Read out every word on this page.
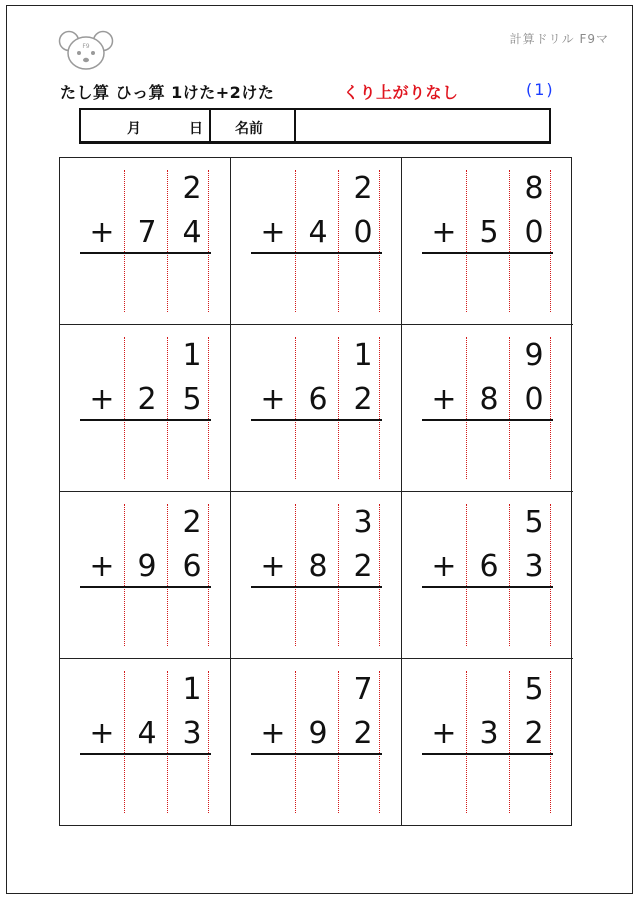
F9
計算ドリル F9マ
たし算 ひっ算 1けた+2けた	くり上がりなし	(1)
月	日 名前
2
+ 7 4
2
+ 4 0
8
+ 5 0
1
+ 2 5
1
+ 6 2
9
+ 8 0
2
+ 9 6
3
+ 8 2
5
+ 6 3
1
+ 4 3
7
+ 9 2
5
+ 3 2
